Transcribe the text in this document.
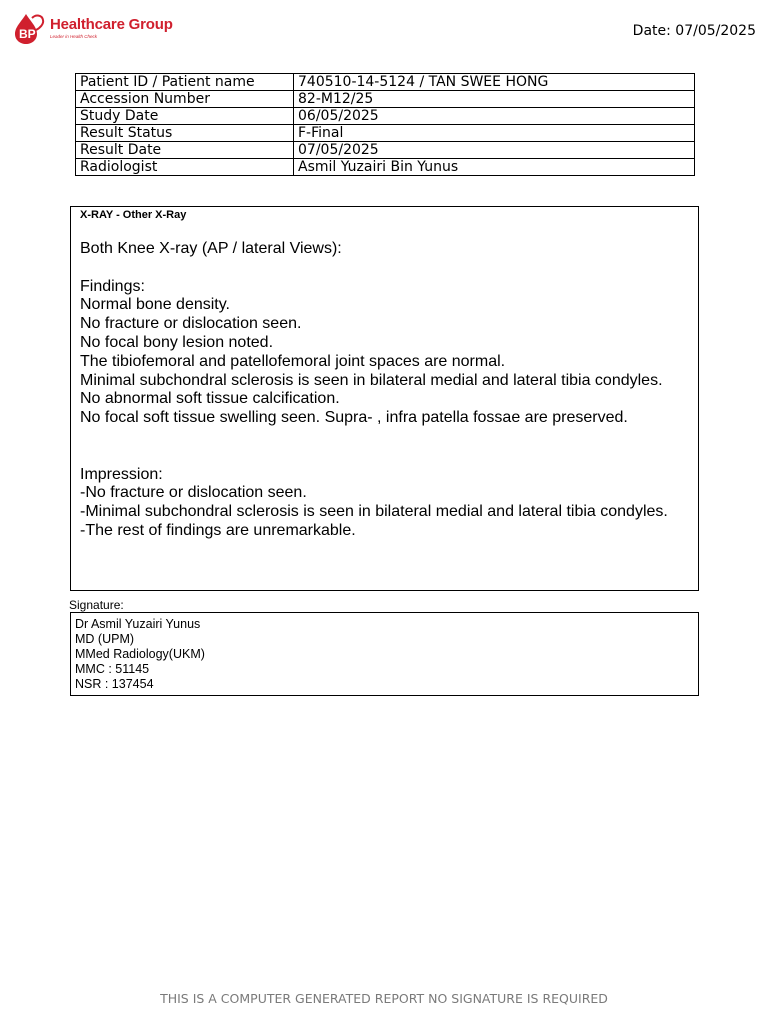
BP
Healthcare Group
Leader in Health Check	Date: 07/05/2025
Patient ID / Patient name	740510-14-5124 / TAN SWEE HONG
Accession Number	82-M12/25
Study Date	06/05/2025
Result Status	F-Final
Result Date	07/05/2025
Radiologist	Asmil Yuzairi Bin Yunus
X-RAY - Other X-Ray
Both Knee X-ray (AP / lateral Views):

Findings:
Normal bone density.
No fracture or dislocation seen.
No focal bony lesion noted.
The tibiofemoral and patellofemoral joint spaces are normal.
Minimal subchondral sclerosis is seen in bilateral medial and lateral tibia condyles.
No abnormal soft tissue calcification.
No focal soft tissue swelling seen. Supra- , infra patella fossae are preserved.

Impression:
-No fracture or dislocation seen.
-Minimal subchondral sclerosis is seen in bilateral medial and lateral tibia condyles.
-The rest of findings are unremarkable.
Signature:
Dr Asmil Yuzairi Yunus
MD (UPM)
MMed Radiology(UKM)
MMC : 51145
NSR : 137454
THIS IS A COMPUTER GENERATED REPORT NO SIGNATURE IS REQUIRED
